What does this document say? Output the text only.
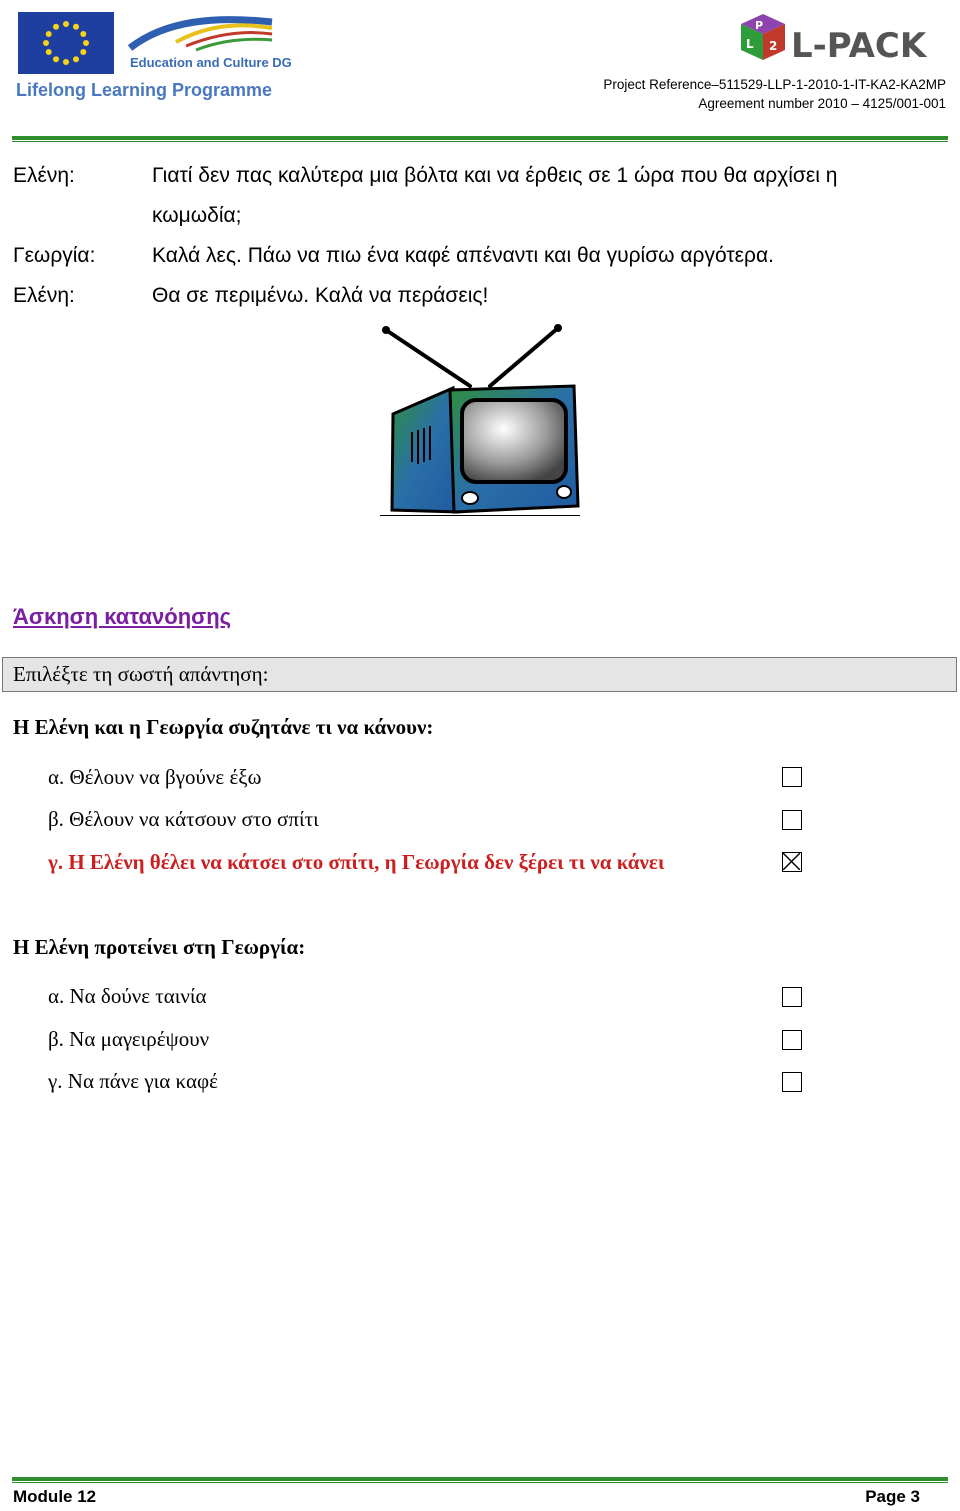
Education and Culture DG
Lifelong Learning Programme
P
L 2 L-PACK
Project Reference–511529-LLP-1-2010-1-IT-KA2-KA2MP
Agreement number 2010 – 4125/001-001
Ελένη:	Γιατί δεν πας καλύτερα μια βόλτα και να έρθεις σε 1 ώρα που θα αρχίσει η
κωμωδία;
Γεωργία:	Καλά λες. Πάω να πιω ένα καφέ απέναντι και θα γυρίσω αργότερα.
Ελένη:	Θα σε περιμένω. Καλά να περάσεις!
Άσκηση κατανόησης
Επιλέξτε τη σωστή απάντηση:
Η Ελένη και η Γεωργία συζητάνε τι να κάνουν:
α. Θέλουν να βγούνε έξω
β. Θέλουν να κάτσουν στο σπίτι
γ. Η Ελένη θέλει να κάτσει στο σπίτι, η Γεωργία δεν ξέρει τι να κάνει
Η Ελένη προτείνει στη Γεωργία:
α. Να δούνε ταινία
β. Να μαγειρέψουν
γ. Να πάνε για καφέ
Module 12	Page 3
